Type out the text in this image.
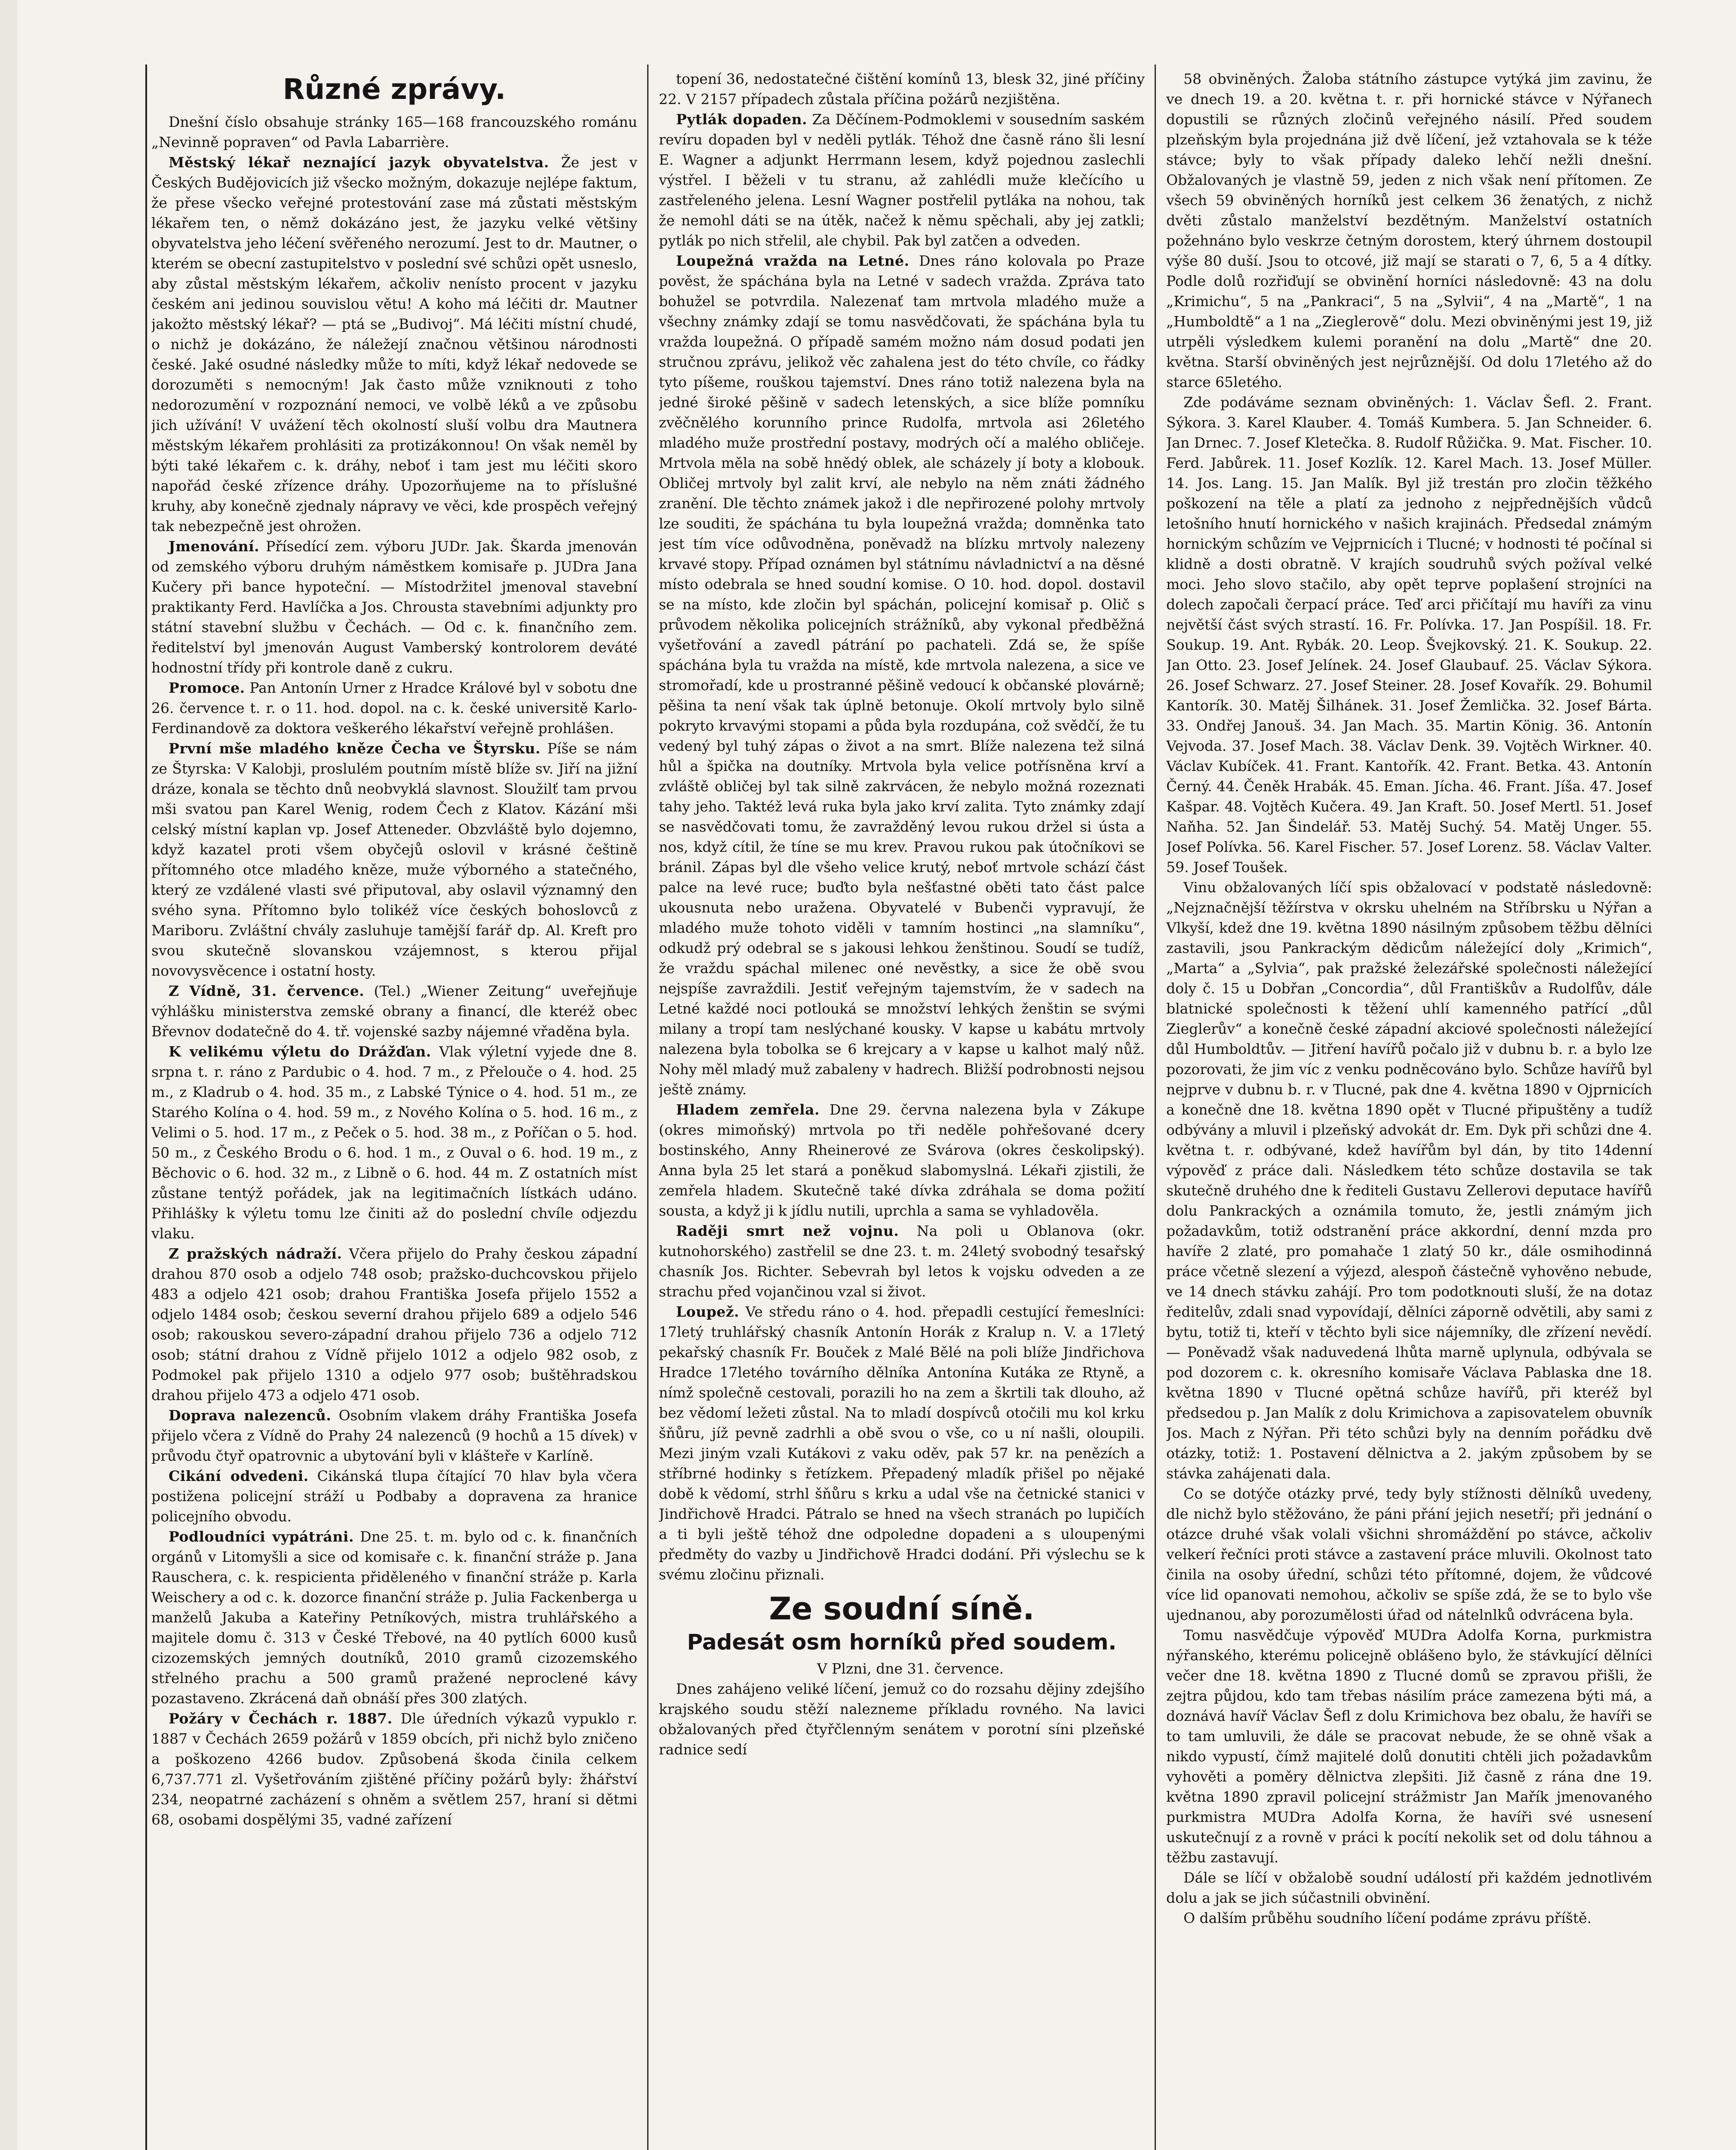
Různé zprávy.

Dnešní číslo obsahuje stránky 165—168 francouzského románu „Nevinně popraven“ od Pavla Labarrière.

Městský lékař neznající jazyk obyvatelstva. Že jest v Českých Budějovicích již všecko možným, dokazuje nejlépe faktum, že přese všecko veřejné protestování zase má zůstati městským lékařem ten, o němž dokázáno jest, že jazyku velké většiny obyvatelstva jeho léčení svěřeného nerozumí. Jest to dr. Mautner, o kterém se obecní zastupitelstvo v poslední své schůzi opět usneslo, aby zůstal městským lékařem, ačkoliv nenísto procent v jazyku českém ani jedinou souvislou větu! A koho má léčiti dr. Mautner jakožto městský lékař? — ptá se „Budivoj“. Má léčiti místní chudé, o nichž je dokázáno, že náležejí značnou většinou národnosti české. Jaké osudné následky může to míti, když lékař nedovede se dorozuměti s nemocným! Jak často může vzniknouti z toho nedorozumění v rozpoznání nemoci, ve volbě léků a ve způsobu jich užívání! V uvážení těch okolností sluší volbu dra Mautnera městským lékařem prohlásiti za protizákonnou! On však neměl by býti také lékařem c. k. dráhy, neboť i tam jest mu léčiti skoro napořád české zřízence dráhy. Upozorňujeme na to příslušné kruhy, aby konečně zjednaly nápravy ve věci, kde prospěch veřejný tak nebezpečně jest ohrožen.

Jmenování. Přísedící zem. výboru JUDr. Jak. Škarda jmenován od zemského výboru druhým náměstkem komisaře p. JUDra Jana Kučery při bance hypoteční. — Místodržitel jmenoval stavební praktikanty Ferd. Havlíčka a Jos. Chrousta stavebními adjunkty pro státní stavební službu v Čechách. — Od c. k. finančního zem. ředitelství byl jmenován August Vamberský kontrolorem deváté hodnostní třídy při kontrole daně z cukru.

Promoce. Pan Antonín Urner z Hradce Králové byl v sobotu dne 26. července t. r. o 11. hod. dopol. na c. k. české universitě Karlo-Ferdinandově za doktora veškerého lékařství veřejně prohlášen.

První mše mladého kněze Čecha ve Štyrsku. Píše se nám ze Štyrska: V Kalobji, proslulém poutním místě blíže sv. Jiří na jižní dráze, konala se těchto dnů neobvyklá slavnost. Sloužilť tam prvou mši svatou pan Karel Wenig, rodem Čech z Klatov. Kázání mši celský místní kaplan vp. Josef Atteneder. Obzvláště bylo dojemno, když kazatel proti všem obyčejů oslovil v krásné češtině přítomného otce mladého kněze, muže výborného a statečného, který ze vzdálené vlasti své připutoval, aby oslavil významný den svého syna. Přítomno bylo tolikéž více českých bohoslovců z Mariboru. Zvláštní chvály zasluhuje tamější farář dp. Al. Kreft pro svou skutečně slovanskou vzájemnost, s kterou přijal novovysvěcence i ostatní hosty.

Z Vídně, 31. července. (Tel.) „Wiener Zeitung“ uveřejňuje výhlášku ministerstva zemské obrany a financí, dle kteréž obec Břevnov dodatečně do 4. tř. vojenské sazby nájemné vřaděna byla.

K velikému výletu do Drážďan. Vlak výletní vyjede dne 8. srpna t. r. ráno z Pardubic o 4. hod. 7 m., z Přelouče o 4. hod. 25 m., z Kladrub o 4. hod. 35 m., z Labské Týnice o 4. hod. 51 m., ze Starého Kolína o 4. hod. 59 m., z Nového Kolína o 5. hod. 16 m., z Velimi o 5. hod. 17 m., z Peček o 5. hod. 38 m., z Poříčan o 5. hod. 50 m., z Českého Brodu o 6. hod. 1 m., z Ouval o 6. hod. 19 m., z Běchovic o 6. hod. 32 m., z Libně o 6. hod. 44 m. Z ostatních míst zůstane tentýž pořádek, jak na legitimačních lístkách udáno. Přihlášky k výletu tomu lze činiti až do poslední chvíle odjezdu vlaku.

Z pražských nádraží. Včera přijelo do Prahy českou západní drahou 870 osob a odjelo 748 osob; pražsko-duchcovskou přijelo 483 a odjelo 421 osob; drahou Františka Josefa přijelo 1552 a odjelo 1484 osob; českou severní drahou přijelo 689 a odjelo 546 osob; rakouskou severo-západní drahou přijelo 736 a odjelo 712 osob; státní drahou z Vídně přijelo 1012 a odjelo 982 osob, z Podmokel pak přijelo 1310 a odjelo 977 osob; buštěhradskou drahou přijelo 473 a odjelo 471 osob.

Doprava nalezenců. Osobním vlakem dráhy Františka Josefa přijelo včera z Vídně do Prahy 24 nalezenců (9 hochů a 15 dívek) v průvodu čtyř opatrovnic a ubytování byli v klášteře v Karlíně.

Cikání odvedeni. Cikánská tlupa čítající 70 hlav byla včera postižena policejní stráží u Podbaby a dopravena za hranice policejního obvodu.

Podloudníci vypátráni. Dne 25. t. m. bylo od c. k. finančních orgánů v Litomyšli a sice od komisaře c. k. finanční stráže p. Jana Rauschera, c. k. respicienta přiděleného v finanční stráže p. Karla Weischery a od c. k. dozorce finanční stráže p. Julia Fackenberga u manželů Jakuba a Kateřiny Petníkových, mistra truhlářského a majitele domu č. 313 v České Třebové, na 40 pytlích 6000 kusů cizozemských jemných doutníků, 2010 gramů cizozemského střelného prachu a 500 gramů pražené neproclené kávy pozastaveno. Zkrácená daň obnáší přes 300 zlatých.

Požáry v Čechách r. 1887. Dle úředních výkazů vypuklo r. 1887 v Čechách 2659 požárů v 1859 obcích, při nichž bylo zničeno a poškozeno 4266 budov. Způsobená škoda činila celkem 6,737.771 zl. Vyšetřováním zjištěné příčiny požárů byly: žhářství 234, neopatrné zacházení s ohněm a světlem 257, hraní si dětmi 68, osobami dospělými 35, vadné zařízení

topení 36, nedostatečné čištění komínů 13, blesk 32, jiné příčiny 22. V 2157 případech zůstala příčina požárů nezjištěna.

Pytlák dopaden. Za Děčínem-Podmoklemi v sousedním saském revíru dopaden byl v neděli pytlák. Téhož dne časně ráno šli lesní E. Wagner a adjunkt Herrmann lesem, když pojednou zaslechli výstřel. I běželi v tu stranu, až zahlédli muže klečícího u zastřeleného jelena. Lesní Wagner postřelil pytláka na nohou, tak že nemohl dáti se na útěk, načež k němu spěchali, aby jej zatkli; pytlák po nich střelil, ale chybil. Pak byl zatčen a odveden.

Loupežná vražda na Letné. Dnes ráno kolovala po Praze pověst, že spáchána byla na Letné v sadech vražda. Zpráva tato bohužel se potvrdila. Nalezenať tam mrtvola mladého muže a všechny známky zdají se tomu nasvědčovati, že spáchána byla tu vražda loupežná. O případě samém možno nám dosud podati jen stručnou zprávu, jelikož věc zahalena jest do této chvíle, co řádky tyto píšeme, rouškou tajemství. Dnes ráno totiž nalezena byla na jedné široké pěšině v sadech letenských, a sice blíže pomníku zvěčnělého korunního prince Rudolfa, mrtvola asi 26letého mladého muže prostřední postavy, modrých očí a malého obličeje. Mrtvola měla na sobě hnědý oblek, ale scházely jí boty a klobouk. Obličej mrtvoly byl zalit krví, ale nebylo na něm znáti žádného zranění. Dle těchto známek jakož i dle nepřirozené polohy mrtvoly lze souditi, že spáchána tu byla loupežná vražda; domněnka tato jest tím více odůvodněna, poněvadž na blízku mrtvoly nalezeny krvavé stopy. Případ oznámen byl státnímu návladnictví a na děsné místo odebrala se hned soudní komise. O 10. hod. dopol. dostavil se na místo, kde zločin byl spáchán, policejní komisař p. Olič s průvodem několika policejních strážníků, aby vykonal předběžná vyšetřování a zavedl pátrání po pachateli. Zdá se, že spíše spáchána byla tu vražda na místě, kde mrtvola nalezena, a sice ve stromořadí, kde u prostranné pěšině vedoucí k občanské plovárně; pěšina ta není však tak úplně betonuje. Okolí mrtvoly bylo silně pokryto krvavými stopami a půda byla rozdupána, což svědčí, že tu vedený byl tuhý zápas o život a na smrt. Blíže nalezena tež silná hůl a špička na doutníky. Mrtvola byla velice potřísněna krví a zvláště obličej byl tak silně zakrvácen, že nebylo možná rozeznati tahy jeho. Taktéž levá ruka byla jako krví zalita. Tyto známky zdají se nasvědčovati tomu, že zavražděný levou rukou držel si ústa a nos, když cítil, že tíne se mu krev. Pravou rukou pak útočníkovi se bránil. Zápas byl dle všeho velice krutý, neboť mrtvole schází část palce na levé ruce; buďto byla nešťastné oběti tato část palce ukousnuta nebo uražena. Obyvatelé v Bubenči vypravují, že mladého muže tohoto viděli v tamním hostinci „na slamníku“, odkudž prý odebral se s jakousi lehkou ženštinou. Soudí se tudíž, že vraždu spáchal milenec oné nevěstky, a sice že obě svou nejspíše zavraždili. Jestiť veřejným tajemstvím, že v sadech na Letné každé noci potlouká se množství lehkých ženštin se svými milany a tropí tam neslýchané kousky. V kapse u kabátu mrtvoly nalezena byla tobolka se 6 krejcary a v kapse u kalhot malý nůž. Nohy měl mladý muž zabaleny v hadrech. Bližší podrobnosti nejsou ještě známy.

Hladem zemřela. Dne 29. června nalezena byla v Zákupe (okres mimoňský) mrtvola po tři neděle pohřešované dcery bostinského, Anny Rheinerové ze Svárova (okres českolipský). Anna byla 25 let stará a poněkud slabomyslná. Lékaři zjistili, že zemřela hladem. Skutečně také dívka zdráhala se doma požití sousta, a když ji k jídlu nutili, uprchla a sama se vyhladověla.

Raději smrt než vojnu. Na poli u Oblanova (okr. kutnohorského) zastřelil se dne 23. t. m. 24letý svobodný tesařský chasník Jos. Richter. Sebevrah byl letos k vojsku odveden a ze strachu před vojančinou vzal si život.

Loupež. Ve středu ráno o 4. hod. přepadli cestující řemeslníci: 17letý truhlářský chasník Antonín Horák z Kralup n. V. a 17letý pekařský chasník Fr. Bouček z Malé Bělé na poli blíže Jindřichova Hradce 17letého továrního dělníka Antonína Kutáka ze Rtyně, a nímž společně cestovali, porazili ho na zem a škrtili tak dlouho, až bez vědomí ležeti zůstal. Na to mladí dospívců otočili mu kol krku šňůru, jíž pevně zadrhli a obě svou o vše, co u ní našli, oloupili. Mezi jiným vzali Kutákovi z vaku oděv, pak 57 kr. na penězích a stříbrné hodinky s řetízkem. Přepadený mladík přišel po nějaké době k vědomí, strhl šňůru s krku a udal vše na četnické stanici v Jindřichově Hradci. Pátralo se hned na všech stranách po lupičích a ti byli ještě téhož dne odpoledne dopadeni a s uloupenými předměty do vazby u Jindřichově Hradci dodání. Při výslechu se k svému zločinu přiznali.

Ze soudní síně.
Padesát osm horníků před soudem.

V Plzni, dne 31. července.

Dnes zahájeno veliké líčení, jemuž co do rozsahu dějiny zdejšího krajského soudu stěží nalezneme příkladu rovného. Na lavici obžalovaných před čtyřčlenným senátem v porotní síni plzeňské radnice sedí

58 obviněných. Žaloba státního zástupce vytýká jim zavinu, že ve dnech 19. a 20. května t. r. při hornické stávce v Nýřanech dopustili se různých zločinů veřejného násilí. Před soudem plzeňským byla projednána již dvě líčení, jež vztahovala se k téže stávce; byly to však případy daleko lehčí nežli dnešní. Obžalovaných je vlastně 59, jeden z nich však není přítomen. Ze všech 59 obviněných horníků jest celkem 36 ženatých, z nichž dvěti zůstalo manželství bezdětným. Manželství ostatních požehnáno bylo veskrze četným dorostem, který úhrnem dostoupil výše 80 duší. Jsou to otcové, již mají se starati o 7, 6, 5 a 4 dítky. Podle dolů rozřiďují se obvinění horníci následovně: 43 na dolu „Krimichu“, 5 na „Pankraci“, 5 na „Sylvii“, 4 na „Martě“, 1 na „Humboldtě“ a 1 na „Zieglerově“ dolu. Mezi obviněnými jest 19, již utrpěli výsledkem kulemi poranění na dolu „Martě“ dne 20. května. Starší obviněných jest nejrůznější. Od dolu 17letého až do starce 65letého.

Zde podáváme seznam obviněných: 1. Václav Šefl. 2. Frant. Sýkora. 3. Karel Klauber. 4. Tomáš Kumbera. 5. Jan Schneider. 6. Jan Drnec. 7. Josef Kletečka. 8. Rudolf Růžička. 9. Mat. Fischer. 10. Ferd. Jabůrek. 11. Josef Kozlík. 12. Karel Mach. 13. Josef Müller. 14. Jos. Lang. 15. Jan Malík. Byl již trestán pro zločin těžkého poškození na těle a platí za jednoho z nejpřednějších vůdců letošního hnutí hornického v našich krajinách. Předsedal známým hornickým schůzím ve Vejprnicích i Tlucné; v hodnosti té počínal si klidně a dosti obratně. V krajích soudruhů svých požíval velké moci. Jeho slovo stačilo, aby opět teprve poplašení strojníci na dolech započali čerpací práce. Teď arci přičítají mu havíři za vinu největší část svých strastí. 16. Fr. Polívka. 17. Jan Pospíšil. 18. Fr. Soukup. 19. Ant. Rybák. 20. Leop. Švejkovský. 21. K. Soukup. 22. Jan Otto. 23. Josef Jelínek. 24. Josef Glaubauf. 25. Václav Sýkora. 26. Josef Schwarz. 27. Josef Steiner. 28. Josef Kovařík. 29. Bohumil Kantorík. 30. Matěj Šilhánek. 31. Josef Žemlička. 32. Josef Bárta. 33. Ondřej Janouš. 34. Jan Mach. 35. Martin König. 36. Antonín Vejvoda. 37. Josef Mach. 38. Václav Denk. 39. Vojtěch Wirkner. 40. Václav Kubíček. 41. Frant. Kantořík. 42. Frant. Betka. 43. Antonín Černý. 44. Čeněk Hrabák. 45. Eman. Jícha. 46. Frant. Jíša. 47. Josef Kašpar. 48. Vojtěch Kučera. 49. Jan Kraft. 50. Josef Mertl. 51. Josef Naňha. 52. Jan Šindelář. 53. Matěj Suchý. 54. Matěj Unger. 55. Josef Polívka. 56. Karel Fischer. 57. Josef Lorenz. 58. Václav Valter. 59. Josef Toušek.

Vinu obžalovaných líčí spis obžalovací v podstatě následovně: „Nejznačnější těžírstva v okrsku uhelném na Stříbrsku u Nýřan a Vlkyší, kdež dne 19. května 1890 násilným způsobem těžbu dělníci zastavili, jsou Pankrackým dědicům náležející doly „Krimich“, „Marta“ a „Sylvia“, pak pražské železářské společnosti náležející doly č. 15 u Dobřan „Concordia“, důl Františkův a Rudolfův, dále blatnické společnosti k těžení uhlí kamenného patřící „důl Zieglerův“ a konečně české západní akciové společnosti náležející důl Humboldtův. — Jitření havířů počalo již v dubnu b. r. a bylo lze pozorovati, že jim víc z venku podněcováno bylo. Schůze havířů byl nejprve v dubnu b. r. v Tlucné, pak dne 4. května 1890 v Ojprnicích a konečně dne 18. května 1890 opět v Tlucné připuštěny a tudíž odbývány a mluvil i plzeňský advokát dr. Em. Dyk při schůzi dne 4. května t. r. odbývané, kdež havířům byl dán, by tito 14denní výpověď z práce dali. Následkem této schůze dostavila se tak skutečně druhého dne k řediteli Gustavu Zellerovi deputace havířů dolu Pankrackých a oznámila tomuto, že, jestli známým jich požadavkům, totiž odstranění práce akkordní, denní mzda pro havíře 2 zlaté, pro pomahače 1 zlatý 50 kr., dále osmihodinná práce včetně slezení a výjezd, alespoň částečně vyhověno nebude, ve 14 dnech stávku zahájí. Pro tom podotknouti sluší, že na dotaz ředitelův, zdali snad vypovídají, dělníci záporně odvětili, aby sami z bytu, totiž ti, kteří v těchto byli sice nájemníky, dle zřízení nevědí. — Poněvadž však naduvedená lhůta marně uplynula, odbývala se pod dozorem c. k. okresního komisaře Václava Pablaska dne 18. května 1890 v Tlucné opětná schůze havířů, při kteréž byl předsedou p. Jan Malík z dolu Krimichova a zapisovatelem obuvník Jos. Mach z Nýřan. Při této schůzi byly na denním pořádku dvě otázky, totiž: 1. Postavení dělnictva a 2. jakým způsobem by se stávka zahájenati dala.

Co se dotýče otázky prvé, tedy byly stížnosti dělníků uvedeny, dle nichž bylo stěžováno, že páni přání jejich nesetří; při jednání o otázce druhé však volali všichni shromáždění po stávce, ačkoliv velkerí řečníci proti stávce a zastavení práce mluvili. Okolnost tato činila na osoby úřední, schůzi této přítomné, dojem, že vůdcové více lid opanovati nemohou, ačkoliv se spíše zdá, že se to bylo vše ujednanou, aby porozumělosti úřad od nátelnlků odvrácena byla.

Tomu nasvědčuje výpověď MUDra Adolfa Korna, purkmistra nýřanského, kterému policejně oblášeno bylo, že stávkující dělníci večer dne 18. května 1890 z Tlucné domů se zpravou přišli, že zejtra půjdou, kdo tam třebas násilím práce zamezena býti má, a doznává havíř Václav Šefl z dolu Krimichova bez obalu, že havíři se to tam umluvili, že dále se pracovat nebude, že se ohně však a nikdo vypustí, čímž majitelé dolů donutiti chtěli jich požadavkům vyhověti a poměry dělnictva zlepšiti. Již časně z rána dne 19. května 1890 zpravil policejní strážmistr Jan Mařík jmenovaného purkmistra MUDra Adolfa Korna, že havíři své usnesení uskutečnují z a rovně v práci k pocítí nekolik set od dolu táhnou a těžbu zastavují.

Dále se líčí v obžalobě soudní událostí při každém jednotlivém dolu a jak se jich súčastnili obvinění.

O dalším průběhu soudního líčení podáme zprávu příště.
